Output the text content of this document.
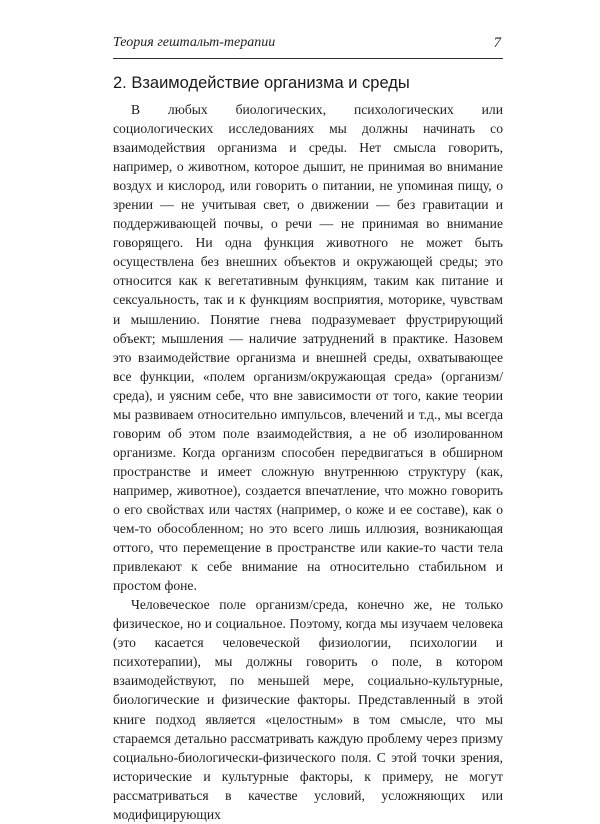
Теория гештальт-терапии	7
2. Взаимодействие организма и среды

В любых биологических, психологических или социологических исследованиях мы должны начинать со взаимодействия организма и среды. Нет смысла говорить, например, о животном, которое дышит, не принимая во внимание воздух и кислород, или говорить о питании, не упоминая пищу, о зрении — не учитывая свет, о движении — без гравитации и поддерживающей почвы, о речи — не принимая во внимание говорящего. Ни одна функция животного не может быть осуществлена без внешних объектов и окружающей среды; это относится как к вегетативным функциям, таким как питание и сексуальность, так и к функциям восприятия, моторике, чувствам и мышлению. Понятие гнева подразумевает фрустрирующий объект; мышления — наличие затруднений в практике. Назовем это взаимодействие организма и внешней среды, охватывающее все функции, «полем организм/окружающая среда» (организм/среда), и уясним себе, что вне зависимости от того, какие теории мы развиваем относительно импульсов, влечений и т.д., мы всегда говорим об этом поле взаимодействия, а не об изолированном организме. Когда организм способен передвигаться в обширном пространстве и имеет сложную внутреннюю структуру (как, например, животное), создается впечатление, что можно говорить о его свойствах или частях (например, о коже и ее составе), как о чем-то обособленном; но это всего лишь иллюзия, возникающая оттого, что перемещение в пространстве или какие-то части тела привлекают к себе внимание на относительно стабильном и простом фоне.

Человеческое поле организм/среда, конечно же, не только физическое, но и социальное. Поэтому, когда мы изучаем человека (это касается человеческой физиологии, психологии и психотерапии), мы должны говорить о поле, в котором взаимодействуют, по меньшей мере, социально-культурные, биологические и физические факторы. Представленный в этой книге подход является «целостным» в том смысле, что мы стараемся детально рассматривать каждую проблему через призму социально-биологически-физического поля. С этой точки зрения, исторические и культурные факторы, к примеру, не могут рассматриваться в качестве условий, усложняющих или модифицирующих
